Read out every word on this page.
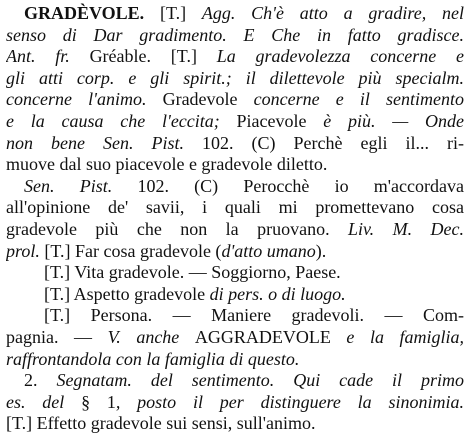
GRADÈVOLE. [T.] Agg. Ch'è atto a gradire, nel
senso di Dar gradimento. E Che in fatto gradisce.
Ant. fr. Gréable. [T.] La gradevolezza concerne e
gli atti corp. e gli spirit.; il dilettevole più specialm.
concerne l'animo. Gradevole concerne e il sentimento
e la causa che l'eccita; Piacevole è più. — Onde
non bene Sen. Pist. 102. (C) Perchè egli il... ri-
muove dal suo piacevole e gradevole diletto.
Sen. Pist. 102. (C) Perocchè io m'accordava
all'opinione de' savii, i quali mi promettevano cosa
gradevole più che non la pruovano. Liv. M. Dec.
prol. [T.] Far cosa gradevole (d'atto umano).
[T.] Vita gradevole. — Soggiorno, Paese.
[T.] Aspetto gradevole di pers. o di luogo.
[T.] Persona. — Maniere gradevoli. — Com-
pagnia. — V. anche AGGRADEVOLE e la famiglia,
raffrontandola con la famiglia di questo.
2. Segnatam. del sentimento. Qui cade il primo
es. del § 1, posto il per distinguere la sinonimia.
[T.] Effetto gradevole sui sensi, sull'animo.
